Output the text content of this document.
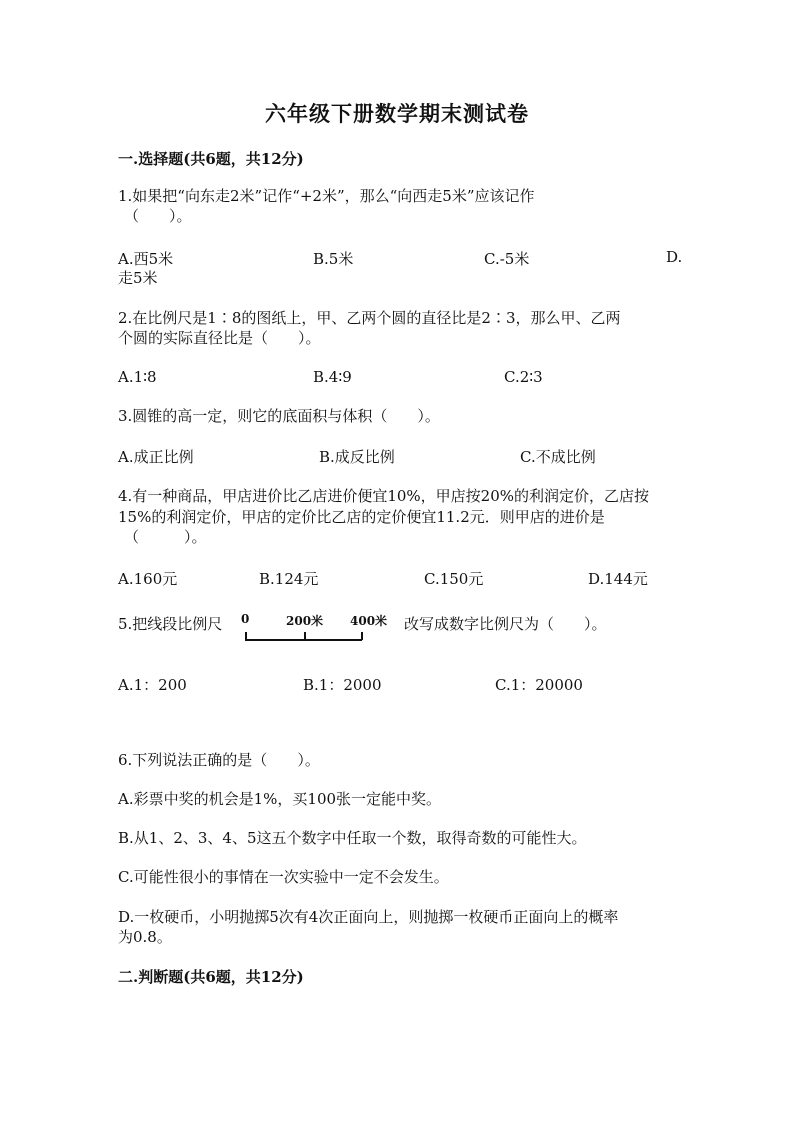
六年级下册数学期末测试卷
一.选择题(共6题，共12分)
1.如果把“向东走2米”记作“+2米”，那么“向西走5米”应该记作
（　　）。
A.西5米	B.5米	C.-5米	D.
走5米
2.在比例尺是1∶8的图纸上，甲、乙两个圆的直径比是2∶3，那么甲、乙两
个圆的实际直径比是（　　）。
A.1∶8	B.4∶9	C.2∶3
3.圆锥的高一定，则它的底面积与体积（　　）。
A.成正比例	B.成反比例	C.不成比例
4.有一种商品，甲店进价比乙店进价便宜10%，甲店按20%的利润定价，乙店按
15%的利润定价，甲店的定价比乙店的定价便宜11.2元．则甲店的进价是
（　　　）。
A.160元	B.124元	C.150元	D.144元
5.把线段比例尺 0	200米 400米 改写成数字比例尺为（　　）。
A.1：200	B.1：2000	C.1：20000
6.下列说法正确的是（　　）。
A.彩票中奖的机会是1%，买100张一定能中奖。
B.从1、2、3、4、5这五个数字中任取一个数，取得奇数的可能性大。
C.可能性很小的事情在一次实验中一定不会发生。
D.一枚硬币，小明抛掷5次有4次正面向上，则抛掷一枚硬币正面向上的概率
为0.8。
二.判断题(共6题，共12分)
